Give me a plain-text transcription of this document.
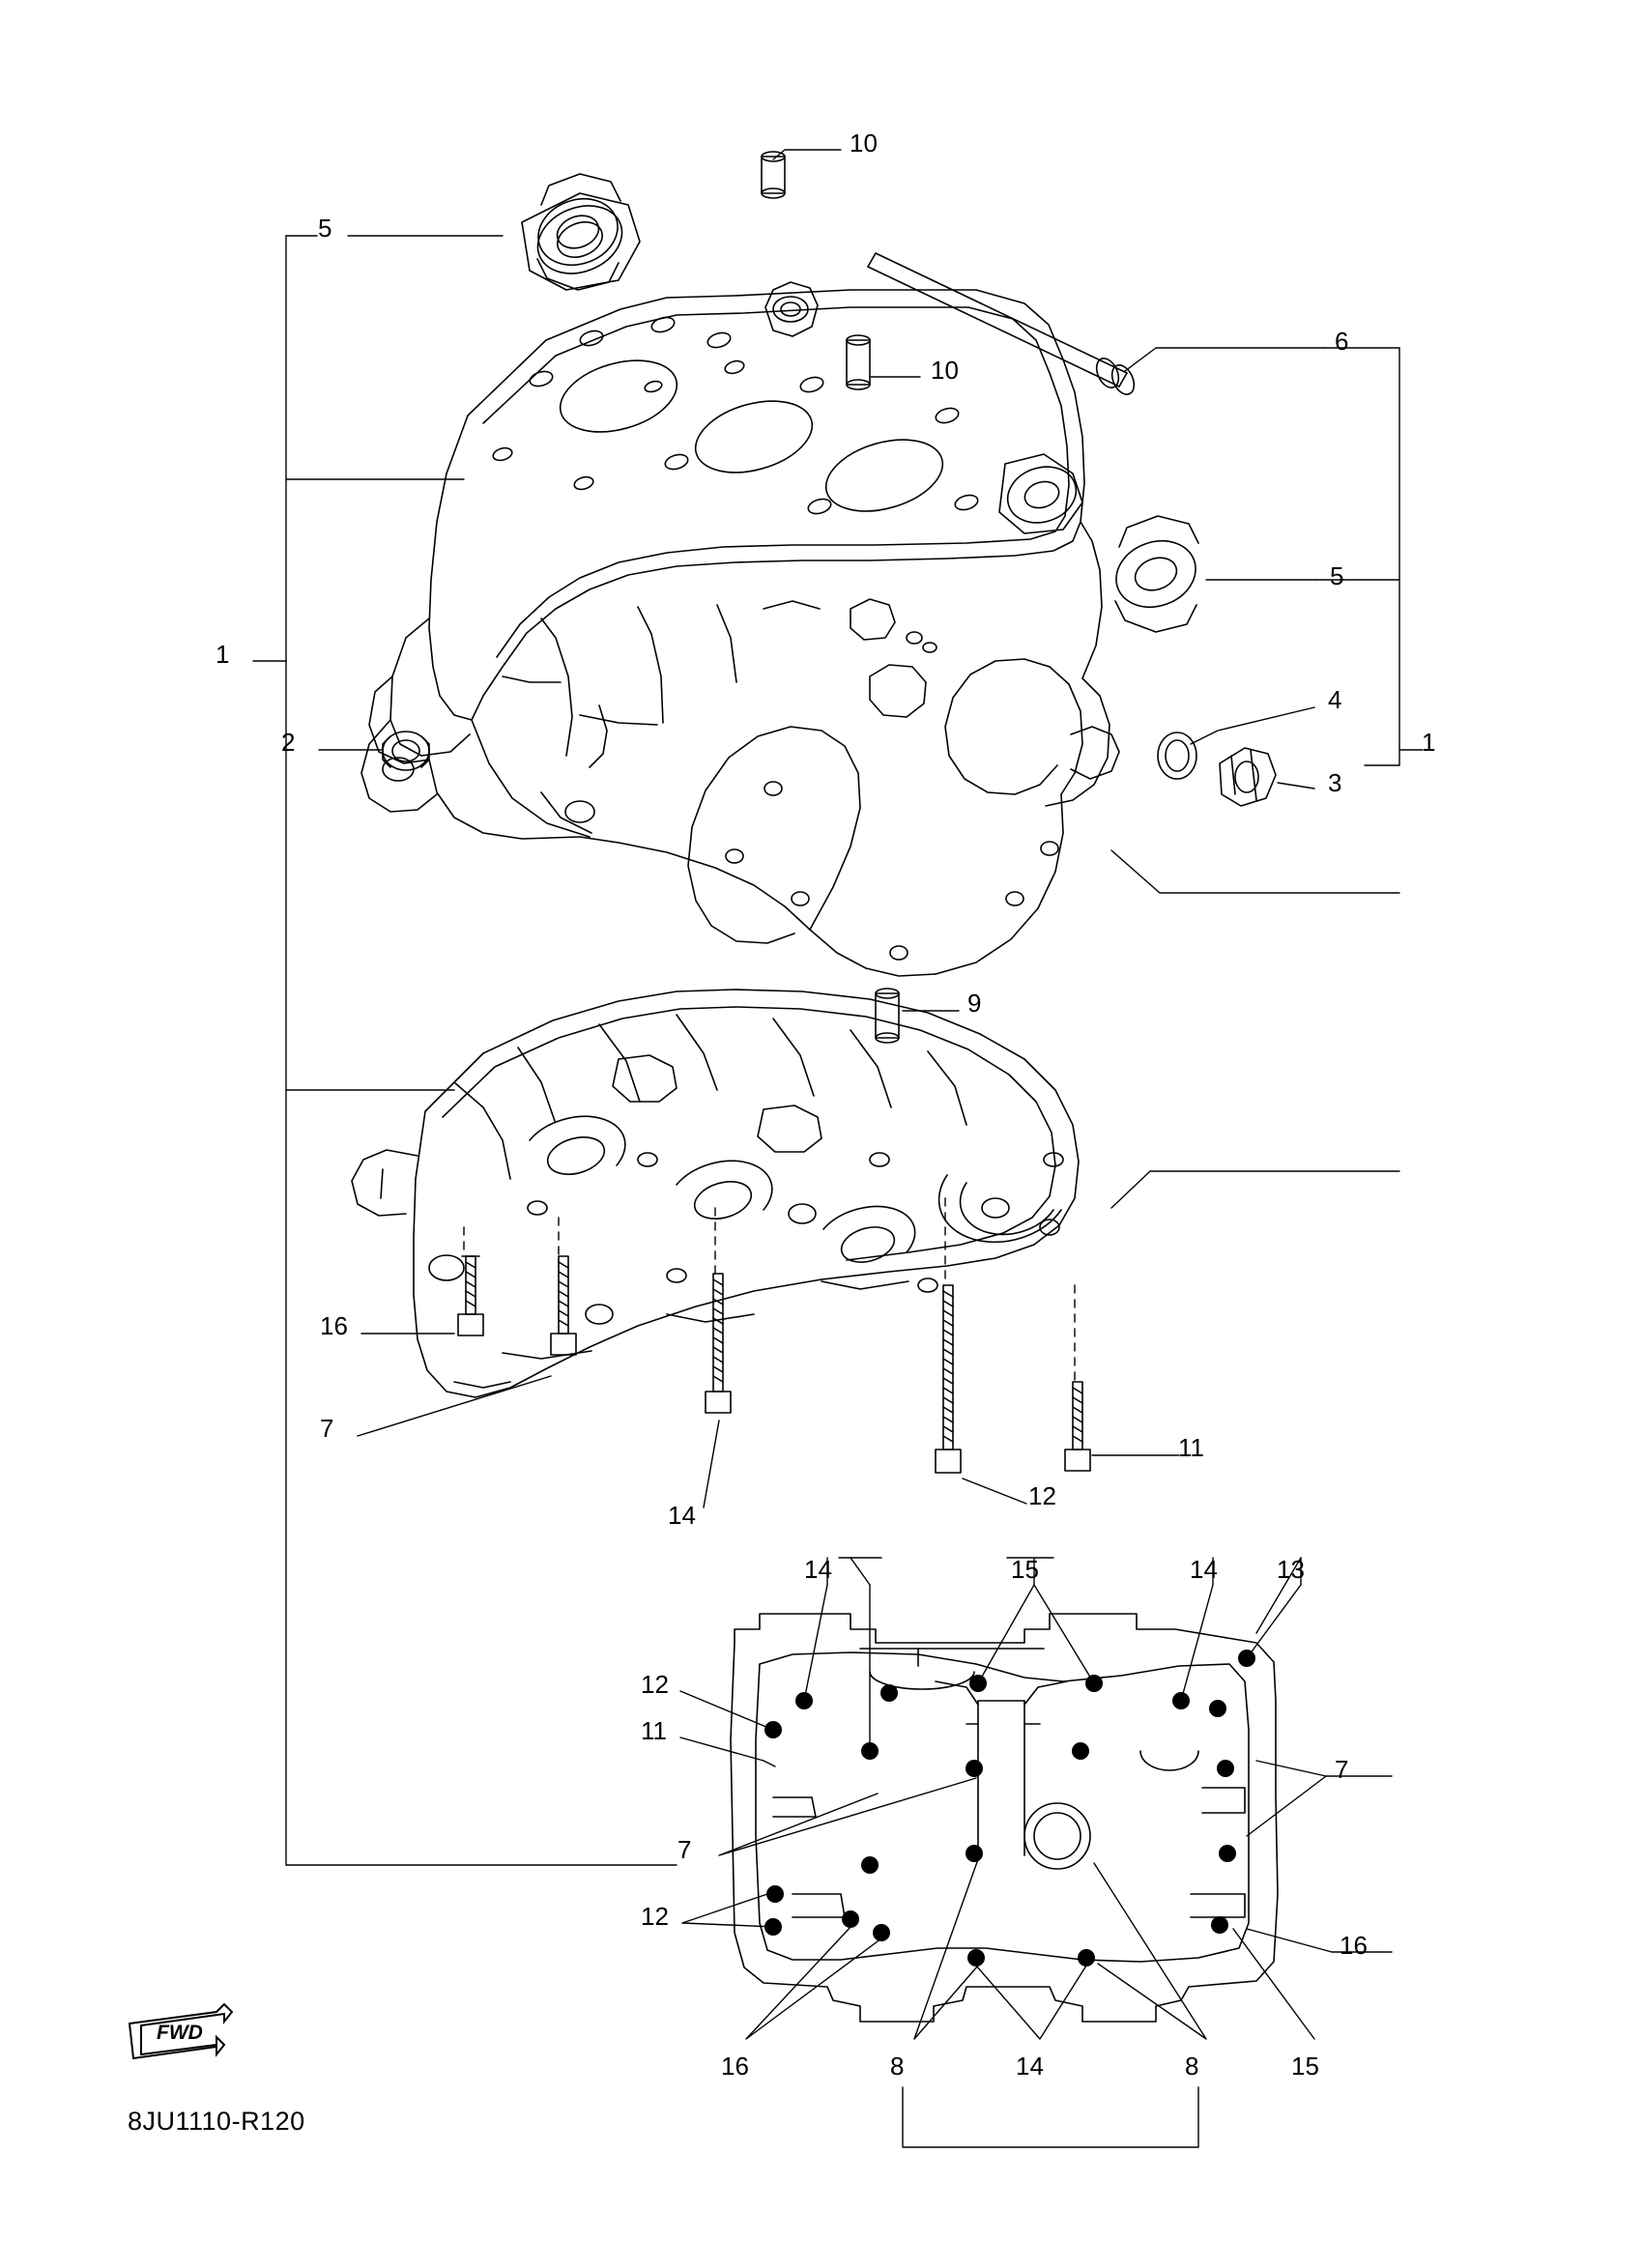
FWD
8JU1110-R120
10
5
6
10
5
1
4
2
3
1
9
16
7
11
14
12
14	15	14 13
12
11
7
7
12
16
16	8	14	8	15
